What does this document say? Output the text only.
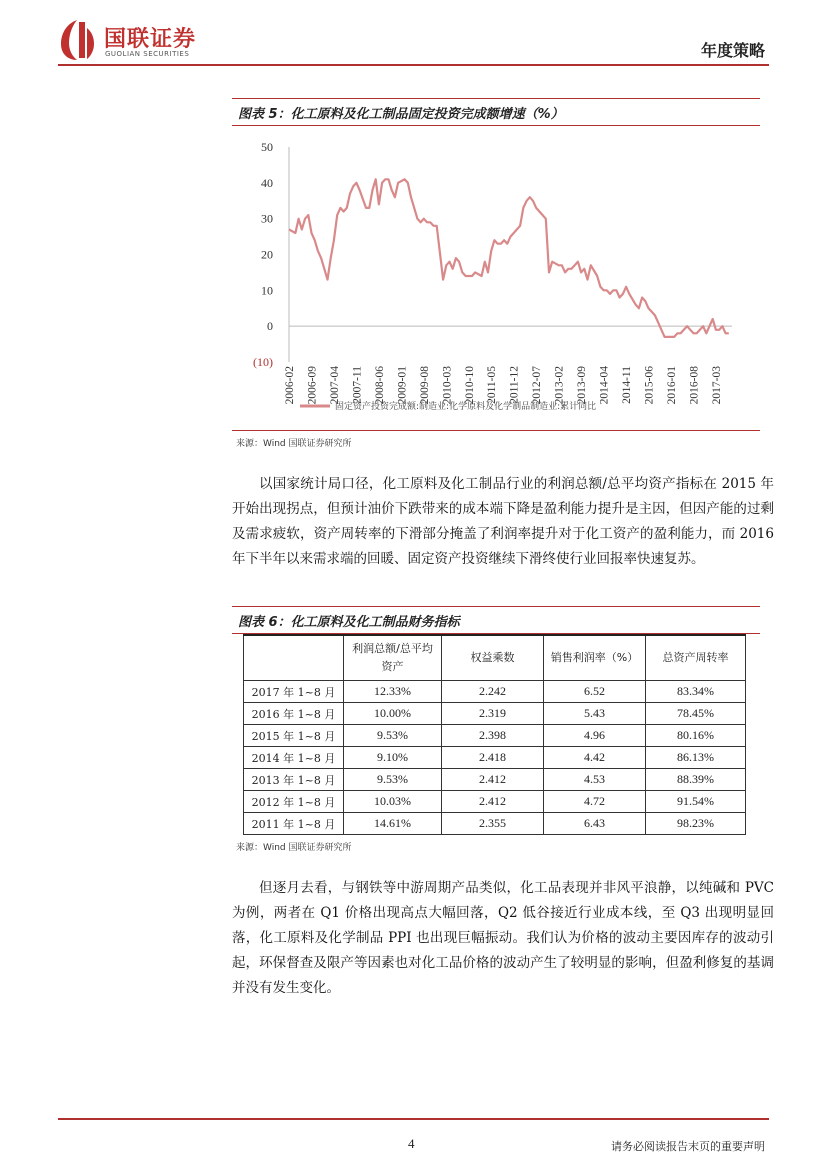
国联证券
GUOLIAN SECURITIES	年度策略
图表 5：化工原料及化工制品固定投资完成额增速（%）
50
40
30
20
10
0
(10)
2006-02 2006-09 2007-04 2007-11 2008-06 2009-01 2009-08 2010-03 2010-10 2011-05 2011-12 2012-07 2013-02 2013-09 2014-04 2014-11 2015-06 2016-01 2016-08 2017-03
固定资产投资完成额:制造业:化学原料及化学制品制造业:累计同比
来源：Wind 国联证券研究所

以国家统计局口径，化工原料及化工制品行业的利润总额/总平均资产指标在 2015 年开始出现拐点，但预计油价下跌带来的成本端下降是盈利能力提升是主因，但因产能的过剩及需求疲软，资产周转率的下滑部分掩盖了利润率提升对于化工资产的盈利能力，而 2016 年下半年以来需求端的回暖、固定资产投资继续下滑终使行业回报率快速复苏。

图表 6：化工原料及化工制品财务指标
	利润总额/总平均资产	权益乘数	销售利润率（%）	总资产周转率
2017 年 1~8 月	12.33%	2.242	6.52	83.34%
2016 年 1~8 月	10.00%	2.319	5.43	78.45%
2015 年 1~8 月	9.53%	2.398	4.96	80.16%
2014 年 1~8 月	9.10%	2.418	4.42	86.13%
2013 年 1~8 月	9.53%	2.412	4.53	88.39%
2012 年 1~8 月	10.03%	2.412	4.72	91.54%
2011 年 1~8 月	14.61%	2.355	6.43	98.23%
来源：Wind 国联证券研究所

但逐月去看，与钢铁等中游周期产品类似，化工品表现并非风平浪静，以纯碱和 PVC 为例，两者在 Q1 价格出现高点大幅回落，Q2 低谷接近行业成本线，至 Q3 出现明显回落，化工原料及化学制品 PPI 也出现巨幅振动。我们认为价格的波动主要因库存的波动引起，环保督查及限产等因素也对化工品价格的波动产生了较明显的影响，但盈利修复的基调并没有发生变化。

4	请务必阅读报告末页的重要声明
